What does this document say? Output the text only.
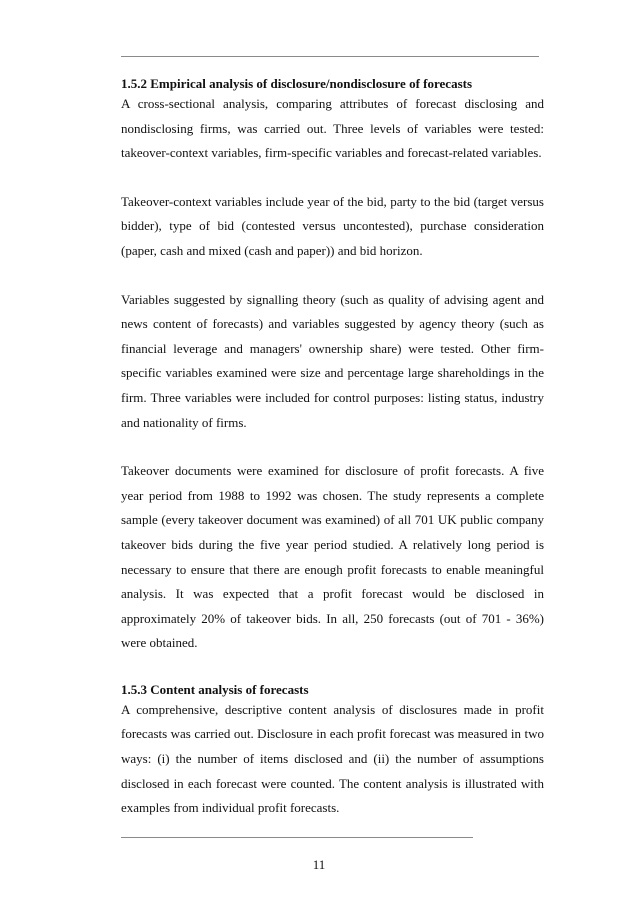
1.5.2 Empirical analysis of disclosure/nondisclosure of forecasts

A cross-sectional analysis, comparing attributes of forecast disclosing and nondisclosing firms, was carried out. Three levels of variables were tested: takeover-context variables, firm-specific variables and forecast-related variables.

Takeover-context variables include year of the bid, party to the bid (target versus bidder), type of bid (contested versus uncontested), purchase consideration (paper, cash and mixed (cash and paper)) and bid horizon.

Variables suggested by signalling theory (such as quality of advising agent and news content of forecasts) and variables suggested by agency theory (such as financial leverage and managers' ownership share) were tested. Other firm-specific variables examined were size and percentage large shareholdings in the firm. Three variables were included for control purposes: listing status, industry and nationality of firms.

Takeover documents were examined for disclosure of profit forecasts. A five year period from 1988 to 1992 was chosen. The study represents a complete sample (every takeover document was examined) of all 701 UK public company takeover bids during the five year period studied. A relatively long period is necessary to ensure that there are enough profit forecasts to enable meaningful analysis. It was expected that a profit forecast would be disclosed in approximately 20% of takeover bids. In all, 250 forecasts (out of 701 - 36%) were obtained.

1.5.3 Content analysis of forecasts

A comprehensive, descriptive content analysis of disclosures made in profit forecasts was carried out. Disclosure in each profit forecast was measured in two ways: (i) the number of items disclosed and (ii) the number of assumptions disclosed in each forecast were counted. The content analysis is illustrated with examples from individual profit forecasts.

11
